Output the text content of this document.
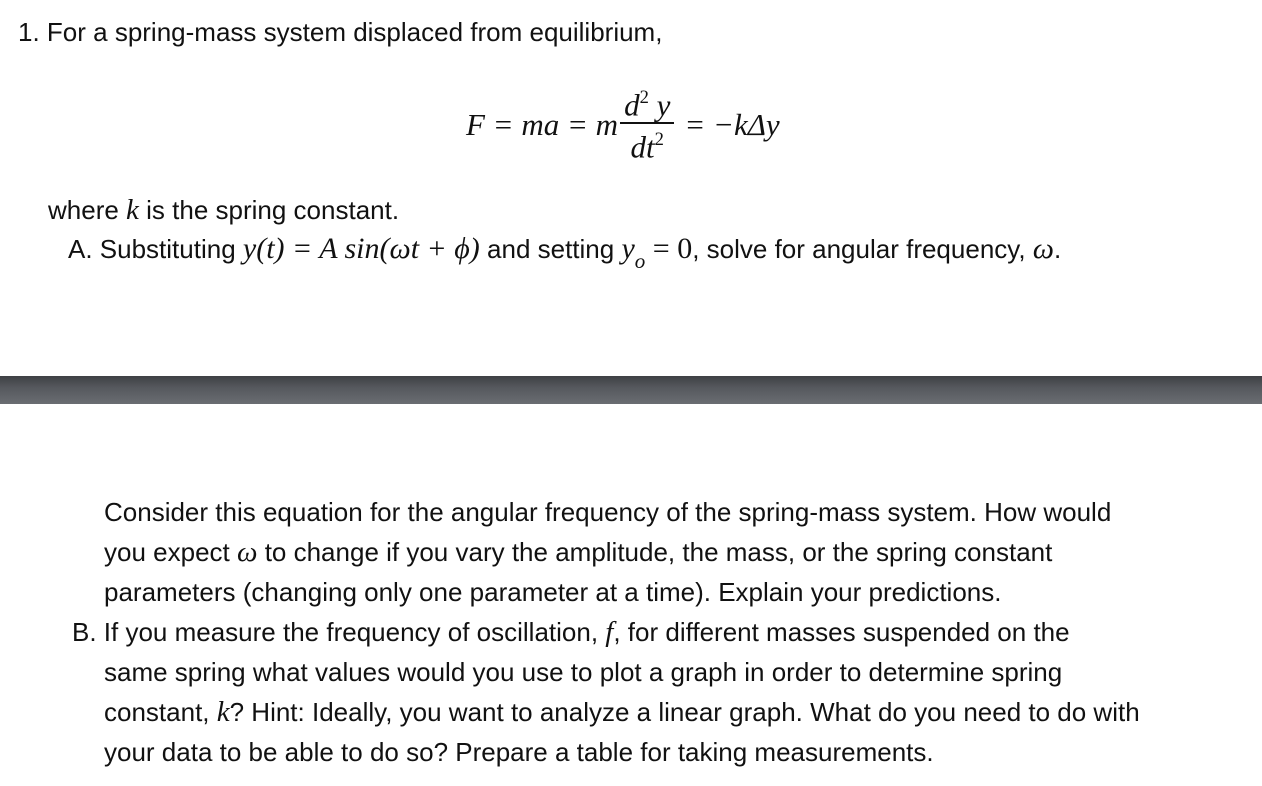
1. For a spring-mass system displaced from equilibrium,
F = ma = m $\frac{d^2 y}{dt^2} = -k\Delta y$
where k is the spring constant.
A. Substituting y(t) = A sin(ωt + ϕ) and setting $y_o = 0$, solve for angular frequency, ω.
Consider this equation for the angular frequency of the spring-mass system. How would
you expect ω to change if you vary the amplitude, the mass, or the spring constant
parameters (changing only one parameter at a time). Explain your predictions.
B. If you measure the frequency of oscillation, f, for different masses suspended on the
same spring what values would you use to plot a graph in order to determine spring
constant, k? Hint: Ideally, you want to analyze a linear graph. What do you need to do with
your data to be able to do so? Prepare a table for taking measurements.
